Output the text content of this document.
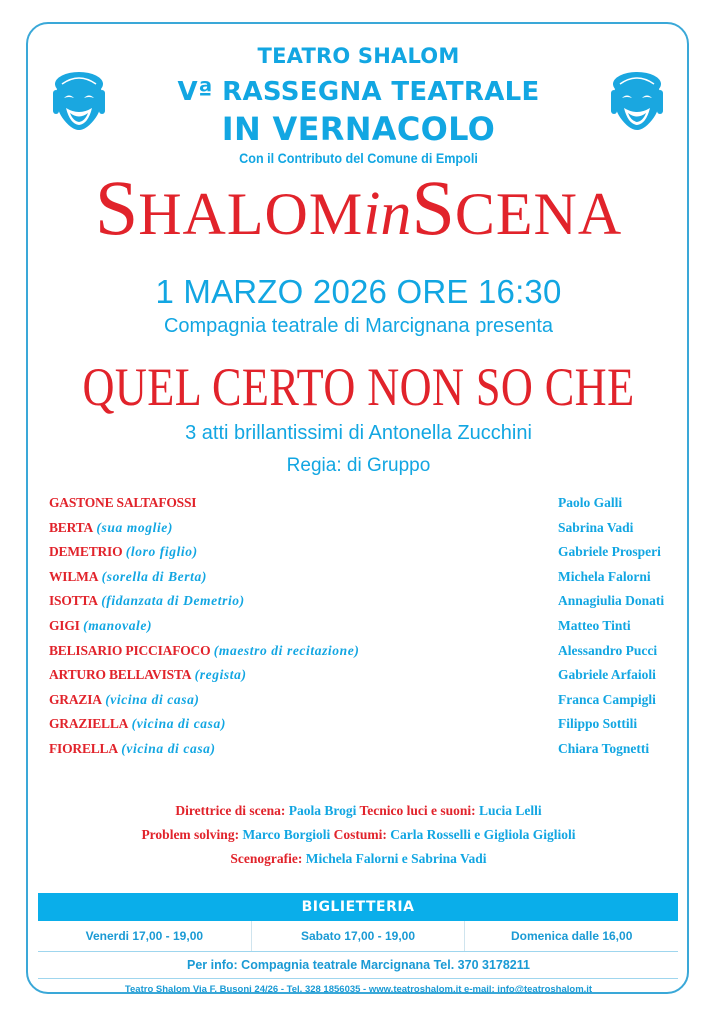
TEATRO SHALOM
Vª RASSEGNA TEATRALE
IN VERNACOLO
Con il Contributo del Comune di Empoli
SHALOMinSCENA
1 MARZO 2026 ORE 16:30
Compagnia teatrale di Marcignana presenta
QUEL CERTO NON SO CHE
3 atti brillantissimi di Antonella Zucchini
Regia: di Gruppo
GASTONE SALTAFOSSI	Paolo Galli
BERTA (sua moglie)	Sabrina Vadi
DEMETRIO (loro figlio)	Gabriele Prosperi
WILMA (sorella di Berta)	Michela Falorni
ISOTTA (fidanzata di Demetrio)	Annagiulia Donati
GIGI (manovale)	Matteo Tinti
BELISARIO PICCIAFOCO (maestro di recitazione)	Alessandro Pucci
ARTURO BELLAVISTA (regista)	Gabriele Arfaioli
GRAZIA (vicina di casa)	Franca Campigli
GRAZIELLA (vicina di casa)	Filippo Sottili
FIORELLA (vicina di casa)	Chiara Tognetti
Direttrice di scena: Paola Brogi Tecnico luci e suoni: Lucia Lelli
Problem solving: Marco Borgioli Costumi: Carla Rosselli e Gigliola Giglioli
Scenografie: Michela Falorni e Sabrina Vadi
BIGLIETTERIA
Venerdi 17,00 - 19,00	Sabato 17,00 - 19,00	Domenica dalle 16,00
Per info: Compagnia teatrale Marcignana Tel. 370 3178211
Teatro Shalom Via F. Busoni 24/26 - Tel. 328 1856035 - www.teatroshalom.it e-mail: info@teatroshalom.it
